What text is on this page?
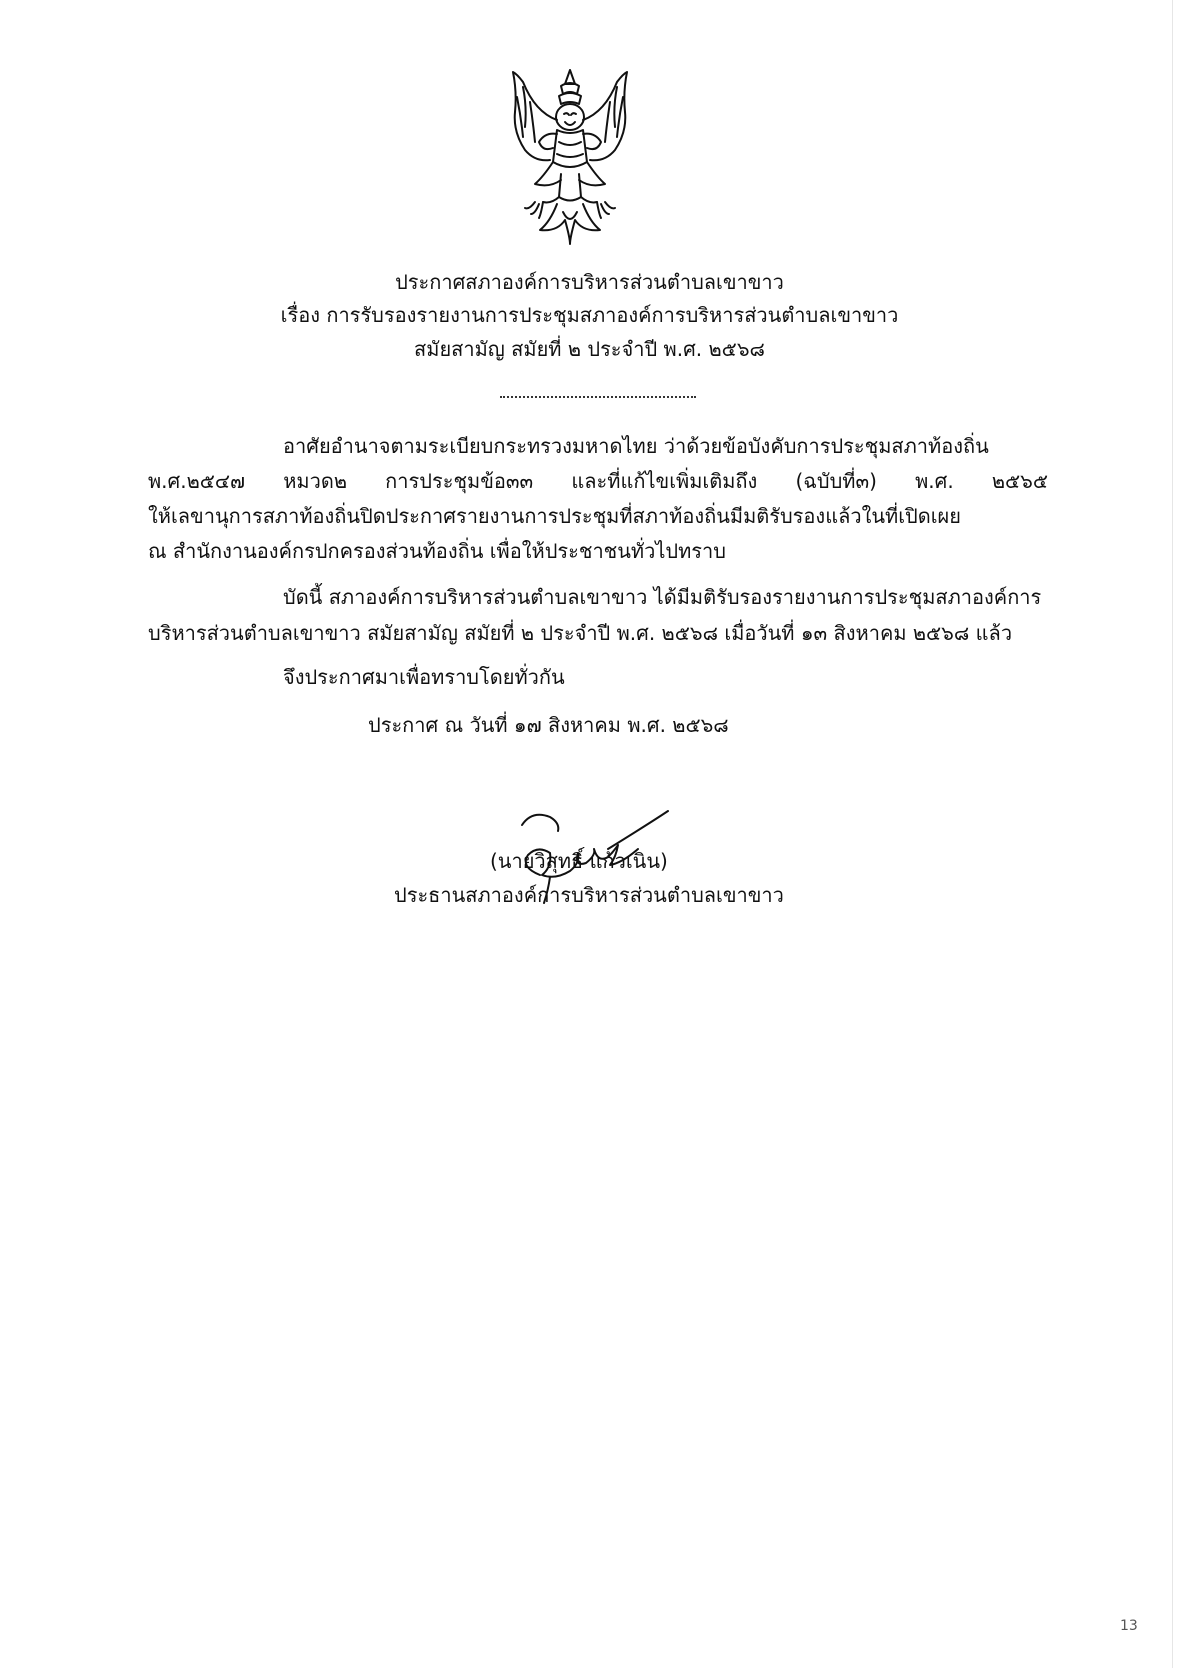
ประกาศสภาองค์การบริหารส่วนตำบลเขาขาว
เรื่อง การรับรองรายงานการประชุมสภาองค์การบริหารส่วนตำบลเขาขาว
สมัยสามัญ สมัยที่ ๒ ประจำปี พ.ศ. ๒๕๖๘
อาศัยอำนาจตามระเบียบกระทรวงมหาดไทย ว่าด้วยข้อบังคับการประชุมสภาท้องถิ่น
พ.ศ.๒๕๔๗ หมวด๒ การประชุมข้อ๓๓ และที่แก้ไขเพิ่มเติมถึง (ฉบับที่๓) พ.ศ. ๒๕๖๕
ให้เลขานุการสภาท้องถิ่นปิดประกาศรายงานการประชุมที่สภาท้องถิ่นมีมติรับรองแล้วในที่เปิดเผย
ณ สำนักงานองค์กรปกครองส่วนท้องถิ่น เพื่อให้ประชาชนทั่วไปทราบ
บัดนี้ สภาองค์การบริหารส่วนตำบลเขาขาว ได้มีมติรับรองรายงานการประชุมสภาองค์การ
บริหารส่วนตำบลเขาขาว สมัยสามัญ สมัยที่ ๒ ประจำปี พ.ศ. ๒๕๖๘ เมื่อวันที่ ๑๓ สิงหาคม ๒๕๖๘ แล้ว
จึงประกาศมาเพื่อทราบโดยทั่วกัน
ประกาศ ณ วันที่ ๑๗ สิงหาคม พ.ศ. ๒๕๖๘
(นายวิสุทธิ์ แก้วเนิน)
ประธานสภาองค์การบริหารส่วนตำบลเขาขาว
13
